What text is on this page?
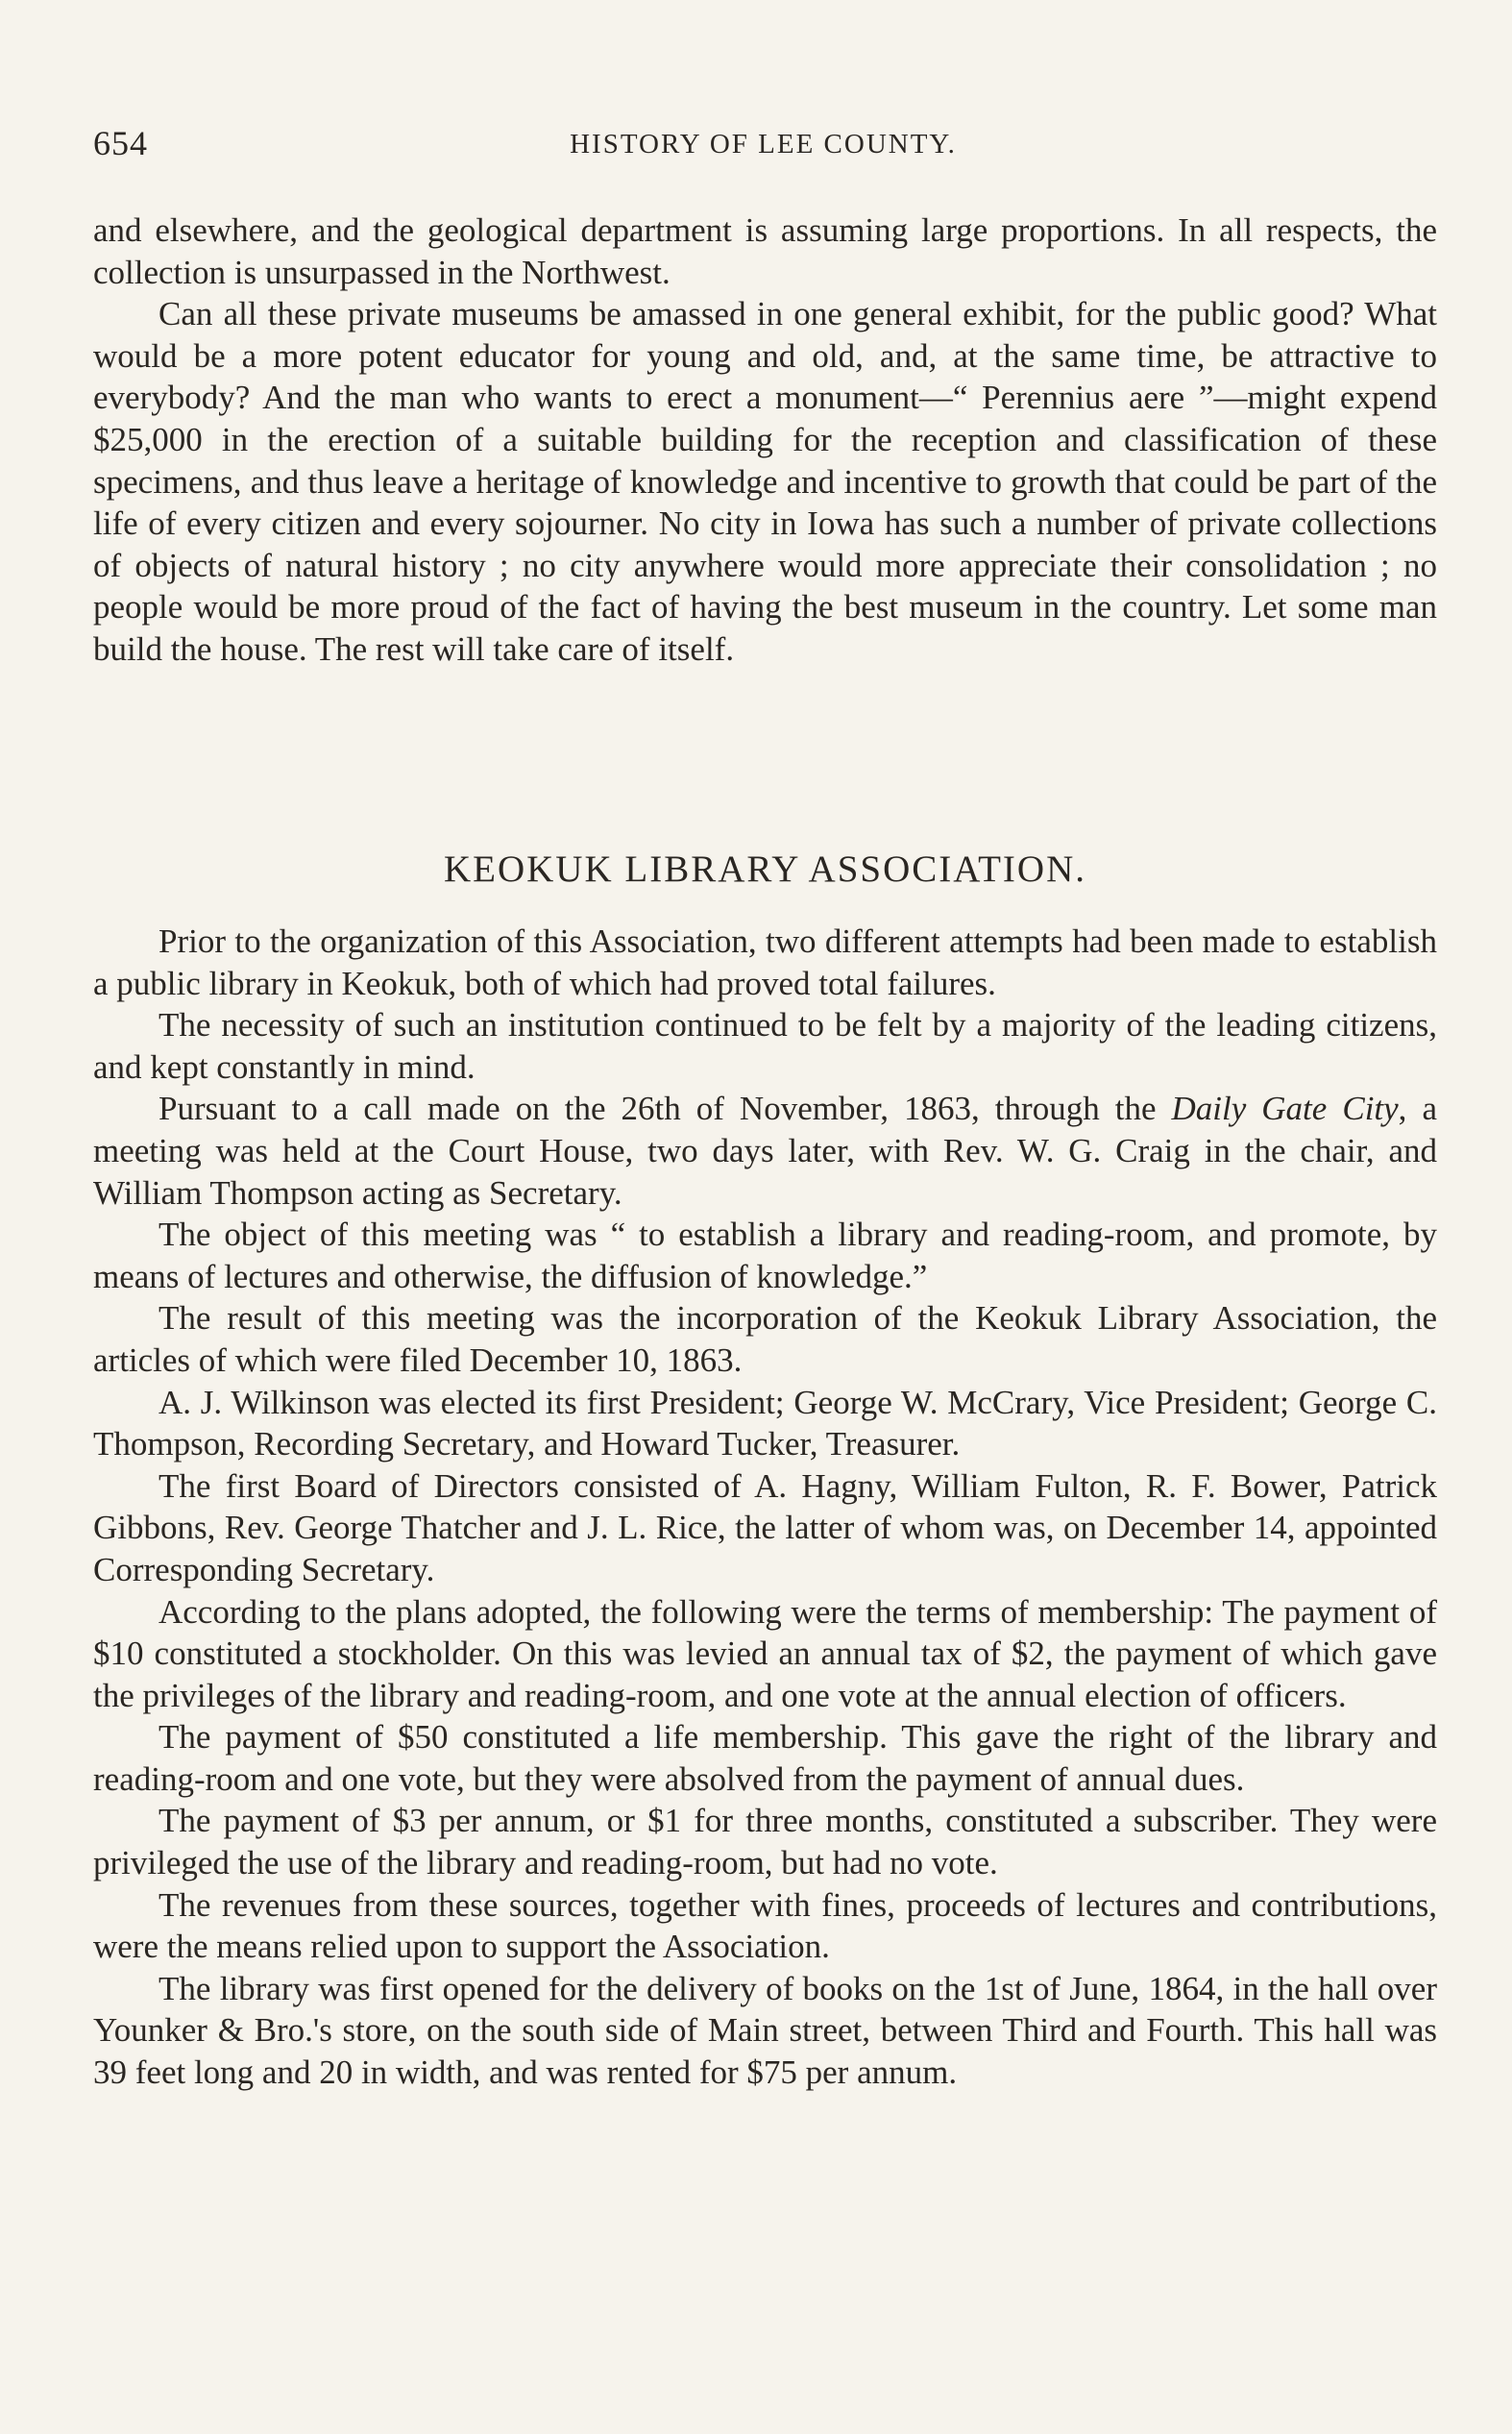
654	HISTORY OF LEE COUNTY.

and elsewhere, and the geological department is assuming large proportions. In all respects, the collection is unsurpassed in the Northwest.

Can all these private museums be amassed in one general exhibit, for the public good? What would be a more potent educator for young and old, and, at the same time, be attractive to everybody? And the man who wants to erect a monument—“ Perennius aere ”—might expend $25,000 in the erection of a suitable building for the reception and classification of these specimens, and thus leave a heritage of knowledge and incentive to growth that could be part of the life of every citizen and every sojourner. No city in Iowa has such a number of private collections of objects of natural history ; no city anywhere would more appreciate their consolidation ; no people would be more proud of the fact of having the best museum in the country. Let some man build the house. The rest will take care of itself.

KEOKUK LIBRARY ASSOCIATION.

Prior to the organization of this Association, two different attempts had been made to establish a public library in Keokuk, both of which had proved total failures.

The necessity of such an institution continued to be felt by a majority of the leading citizens, and kept constantly in mind.

Pursuant to a call made on the 26th of November, 1863, through the Daily Gate City, a meeting was held at the Court House, two days later, with Rev. W. G. Craig in the chair, and William Thompson acting as Secretary.

The object of this meeting was “ to establish a library and reading-room, and promote, by means of lectures and otherwise, the diffusion of knowledge.”

The result of this meeting was the incorporation of the Keokuk Library Association, the articles of which were filed December 10, 1863.

A. J. Wilkinson was elected its first President; George W. McCrary, Vice President; George C. Thompson, Recording Secretary, and Howard Tucker, Treasurer.

The first Board of Directors consisted of A. Hagny, William Fulton, R. F. Bower, Patrick Gibbons, Rev. George Thatcher and J. L. Rice, the latter of whom was, on December 14, appointed Corresponding Secretary.

According to the plans adopted, the following were the terms of membership: The payment of $10 constituted a stockholder. On this was levied an annual tax of $2, the payment of which gave the privileges of the library and reading-room, and one vote at the annual election of officers.

The payment of $50 constituted a life membership. This gave the right of the library and reading-room and one vote, but they were absolved from the payment of annual dues.

The payment of $3 per annum, or $1 for three months, constituted a subscriber. They were privileged the use of the library and reading-room, but had no vote.

The revenues from these sources, together with fines, proceeds of lectures and contributions, were the means relied upon to support the Association.

The library was first opened for the delivery of books on the 1st of June, 1864, in the hall over Younker & Bro.'s store, on the south side of Main street, between Third and Fourth. This hall was 39 feet long and 20 in width, and was rented for $75 per annum.
